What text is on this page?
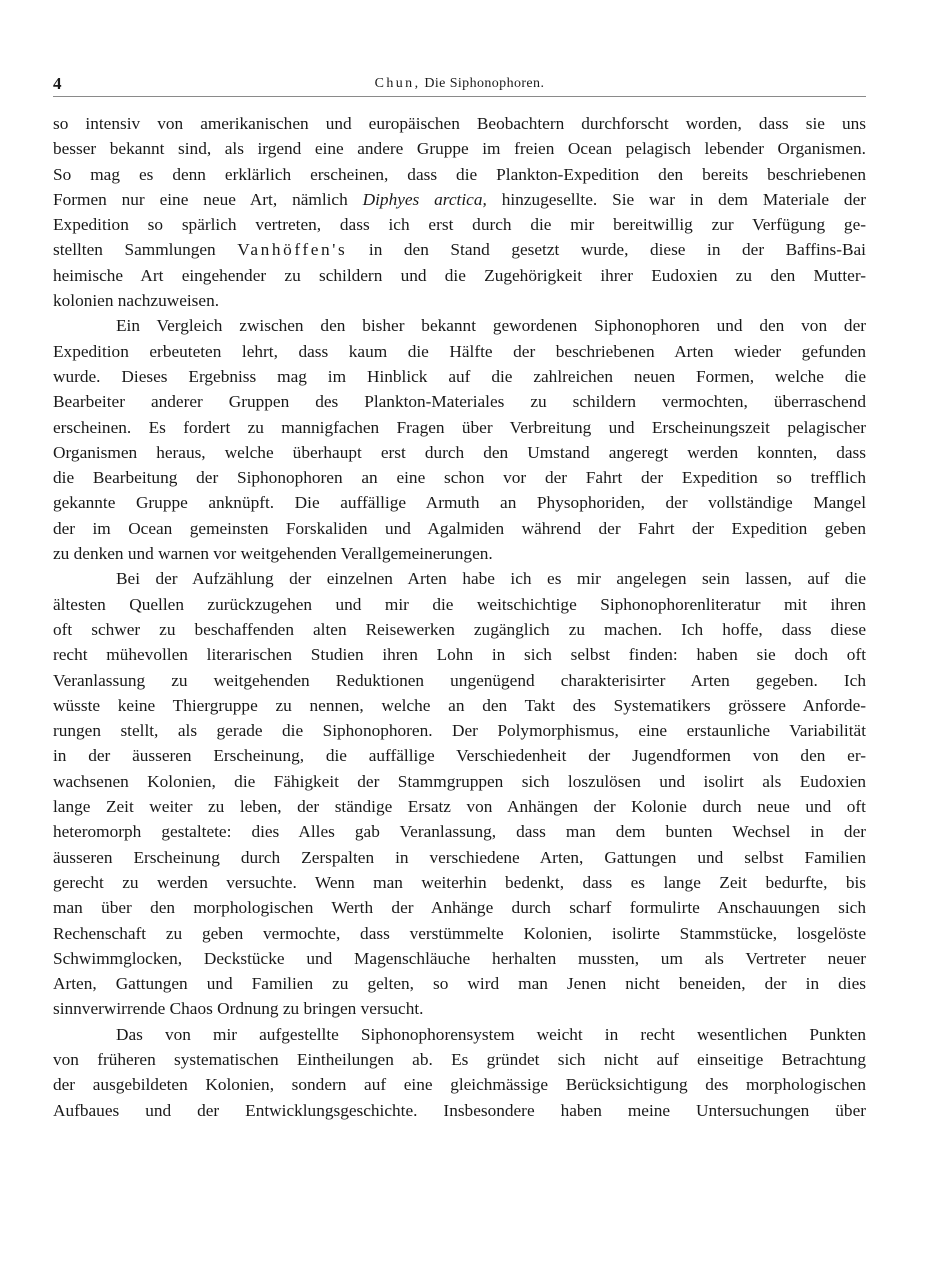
4	Chun, Die Siphonophoren.
so intensiv von amerikanischen und europäischen Beobachtern durchforscht worden, dass sie uns
besser bekannt sind, als irgend eine andere Gruppe im freien Ocean pelagisch lebender Organismen.
So mag es denn erklärlich erscheinen, dass die Plankton-Expedition den bereits beschriebenen
Formen nur eine neue Art, nämlich Diphyes arctica, hinzugesellte. Sie war in dem Materiale der
Expedition so spärlich vertreten, dass ich erst durch die mir bereitwillig zur Verfügung ge-
stellten Sammlungen Vanhöffen's in den Stand gesetzt wurde, diese in der Baffins-Bai
heimische Art eingehender zu schildern und die Zugehörigkeit ihrer Eudoxien zu den Mutter-
kolonien nachzuweisen.
Ein Vergleich zwischen den bisher bekannt gewordenen Siphonophoren und den von der
Expedition erbeuteten lehrt, dass kaum die Hälfte der beschriebenen Arten wieder gefunden
wurde. Dieses Ergebniss mag im Hinblick auf die zahlreichen neuen Formen, welche die
Bearbeiter anderer Gruppen des Plankton-Materiales zu schildern vermochten, überraschend
erscheinen. Es fordert zu mannigfachen Fragen über Verbreitung und Erscheinungszeit pelagischer
Organismen heraus, welche überhaupt erst durch den Umstand angeregt werden konnten, dass
die Bearbeitung der Siphonophoren an eine schon vor der Fahrt der Expedition so trefflich
gekannte Gruppe anknüpft. Die auffällige Armuth an Physophoriden, der vollständige Mangel
der im Ocean gemeinsten Forskaliden und Agalmiden während der Fahrt der Expedition geben
zu denken und warnen vor weitgehenden Verallgemeinerungen.
Bei der Aufzählung der einzelnen Arten habe ich es mir angelegen sein lassen, auf die
ältesten Quellen zurückzugehen und mir die weitschichtige Siphonophorenliteratur mit ihren
oft schwer zu beschaffenden alten Reisewerken zugänglich zu machen. Ich hoffe, dass diese
recht mühevollen literarischen Studien ihren Lohn in sich selbst finden: haben sie doch oft
Veranlassung zu weitgehenden Reduktionen ungenügend charakterisirter Arten gegeben. Ich
wüsste keine Thiergruppe zu nennen, welche an den Takt des Systematikers grössere Anforde-
rungen stellt, als gerade die Siphonophoren. Der Polymorphismus, eine erstaunliche Variabilität
in der äusseren Erscheinung, die auffällige Verschiedenheit der Jugendformen von den er-
wachsenen Kolonien, die Fähigkeit der Stammgruppen sich loszulösen und isolirt als Eudoxien
lange Zeit weiter zu leben, der ständige Ersatz von Anhängen der Kolonie durch neue und oft
heteromorph gestaltete: dies Alles gab Veranlassung, dass man dem bunten Wechsel in der
äusseren Erscheinung durch Zerspalten in verschiedene Arten, Gattungen und selbst Familien
gerecht zu werden versuchte. Wenn man weiterhin bedenkt, dass es lange Zeit bedurfte, bis
man über den morphologischen Werth der Anhänge durch scharf formulirte Anschauungen sich
Rechenschaft zu geben vermochte, dass verstümmelte Kolonien, isolirte Stammstücke, losgelöste
Schwimmglocken, Deckstücke und Magenschläuche herhalten mussten, um als Vertreter neuer
Arten, Gattungen und Familien zu gelten, so wird man Jenen nicht beneiden, der in dies
sinnverwirrende Chaos Ordnung zu bringen versucht.
Das von mir aufgestellte Siphonophorensystem weicht in recht wesentlichen Punkten
von früheren systematischen Eintheilungen ab. Es gründet sich nicht auf einseitige Betrachtung
der ausgebildeten Kolonien, sondern auf eine gleichmässige Berücksichtigung des morphologischen
Aufbaues und der Entwicklungsgeschichte. Insbesondere haben meine Untersuchungen über
